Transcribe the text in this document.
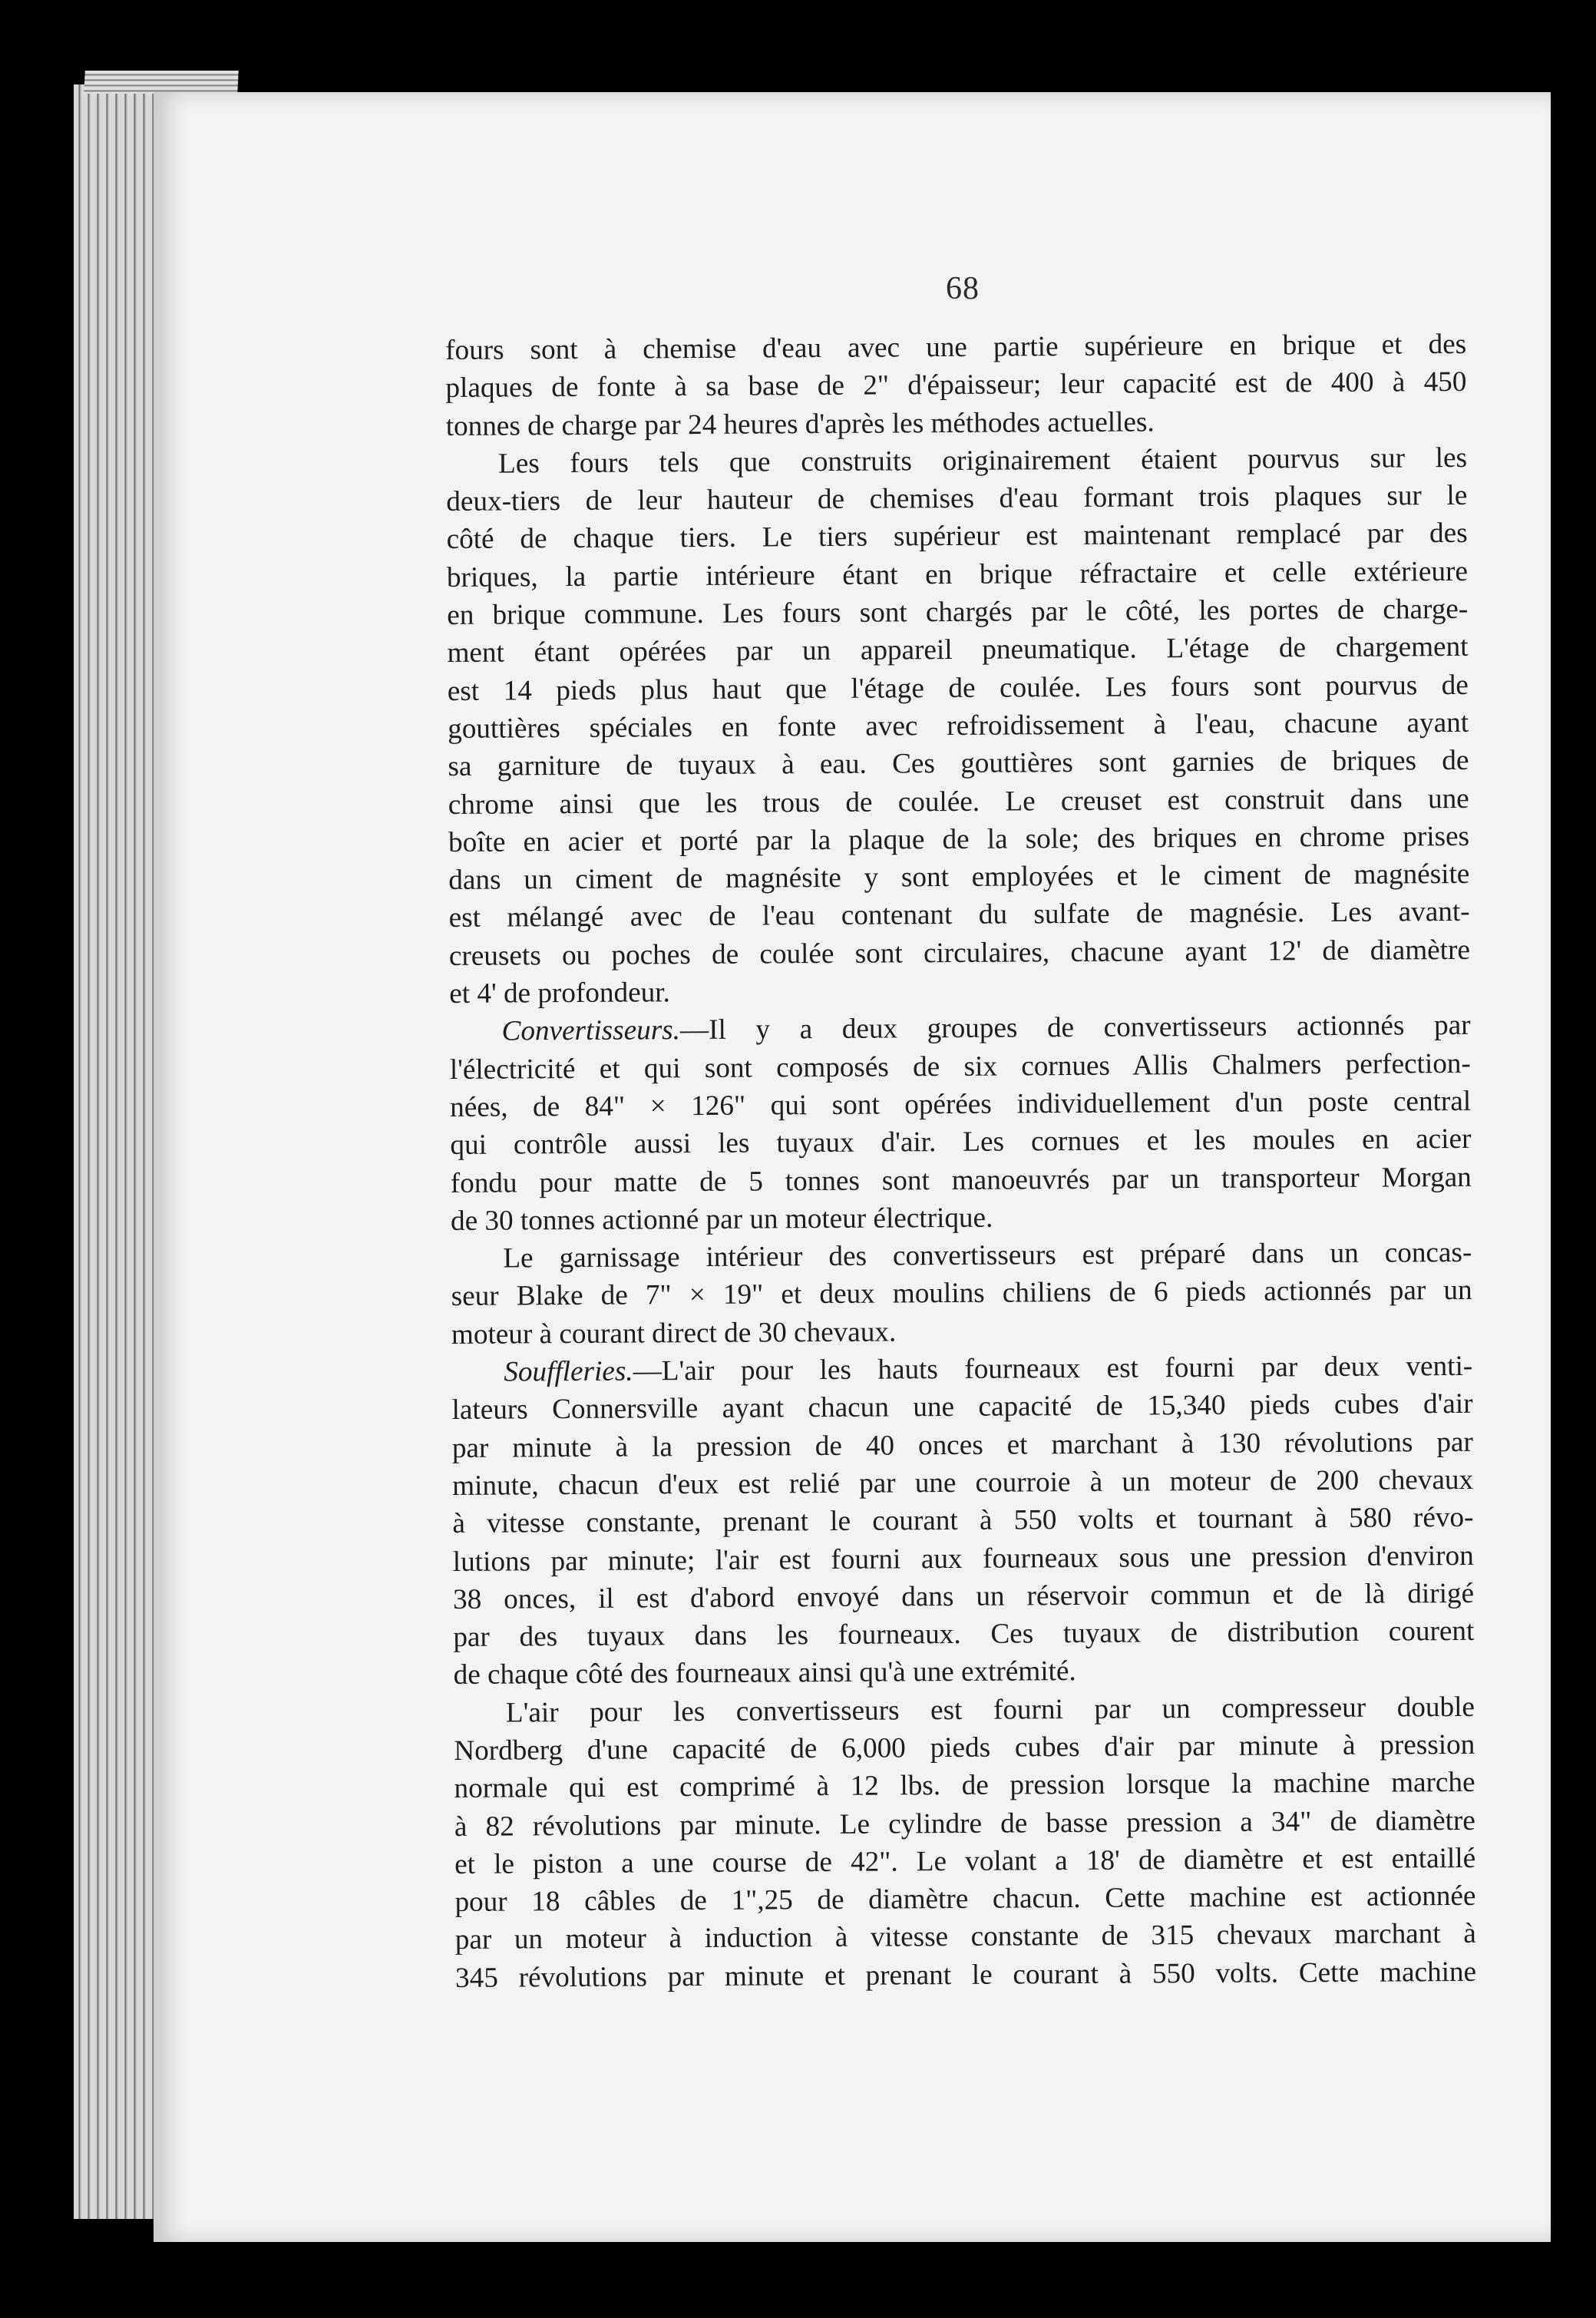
68
fours sont à chemise d'eau avec une partie supérieure en brique et des
plaques de fonte à sa base de 2" d'épaisseur; leur capacité est de 400 à 450
tonnes de charge par 24 heures d'après les méthodes actuelles.
Les fours tels que construits originairement étaient pourvus sur les
deux-tiers de leur hauteur de chemises d'eau formant trois plaques sur le
côté de chaque tiers. Le tiers supérieur est maintenant remplacé par des
briques, la partie intérieure étant en brique réfractaire et celle extérieure
en brique commune. Les fours sont chargés par le côté, les portes de charge-
ment étant opérées par un appareil pneumatique. L'étage de chargement
est 14 pieds plus haut que l'étage de coulée. Les fours sont pourvus de
gouttières spéciales en fonte avec refroidissement à l'eau, chacune ayant
sa garniture de tuyaux à eau. Ces gouttières sont garnies de briques de
chrome ainsi que les trous de coulée. Le creuset est construit dans une
boîte en acier et porté par la plaque de la sole; des briques en chrome prises
dans un ciment de magnésite y sont employées et le ciment de magnésite
est mélangé avec de l'eau contenant du sulfate de magnésie. Les avant-
creusets ou poches de coulée sont circulaires, chacune ayant 12' de diamètre
et 4' de profondeur.
Convertisseurs.—Il y a deux groupes de convertisseurs actionnés par
l'électricité et qui sont composés de six cornues Allis Chalmers perfection-
nées, de 84" × 126" qui sont opérées individuellement d'un poste central
qui contrôle aussi les tuyaux d'air. Les cornues et les moules en acier
fondu pour matte de 5 tonnes sont manoeuvrés par un transporteur Morgan
de 30 tonnes actionné par un moteur électrique.
Le garnissage intérieur des convertisseurs est préparé dans un concas-
seur Blake de 7" × 19" et deux moulins chiliens de 6 pieds actionnés par un
moteur à courant direct de 30 chevaux.
Souffleries.—L'air pour les hauts fourneaux est fourni par deux venti-
lateurs Connersville ayant chacun une capacité de 15,340 pieds cubes d'air
par minute à la pression de 40 onces et marchant à 130 révolutions par
minute, chacun d'eux est relié par une courroie à un moteur de 200 chevaux
à vitesse constante, prenant le courant à 550 volts et tournant à 580 révo-
lutions par minute; l'air est fourni aux fourneaux sous une pression d'environ
38 onces, il est d'abord envoyé dans un réservoir commun et de là dirigé
par des tuyaux dans les fourneaux. Ces tuyaux de distribution courent
de chaque côté des fourneaux ainsi qu'à une extrémité.
L'air pour les convertisseurs est fourni par un compresseur double
Nordberg d'une capacité de 6,000 pieds cubes d'air par minute à pression
normale qui est comprimé à 12 lbs. de pression lorsque la machine marche
à 82 révolutions par minute. Le cylindre de basse pression a 34" de diamètre
et le piston a une course de 42". Le volant a 18' de diamètre et est entaillé
pour 18 câbles de 1",25 de diamètre chacun. Cette machine est actionnée
par un moteur à induction à vitesse constante de 315 chevaux marchant à
345 révolutions par minute et prenant le courant à 550 volts. Cette machine
